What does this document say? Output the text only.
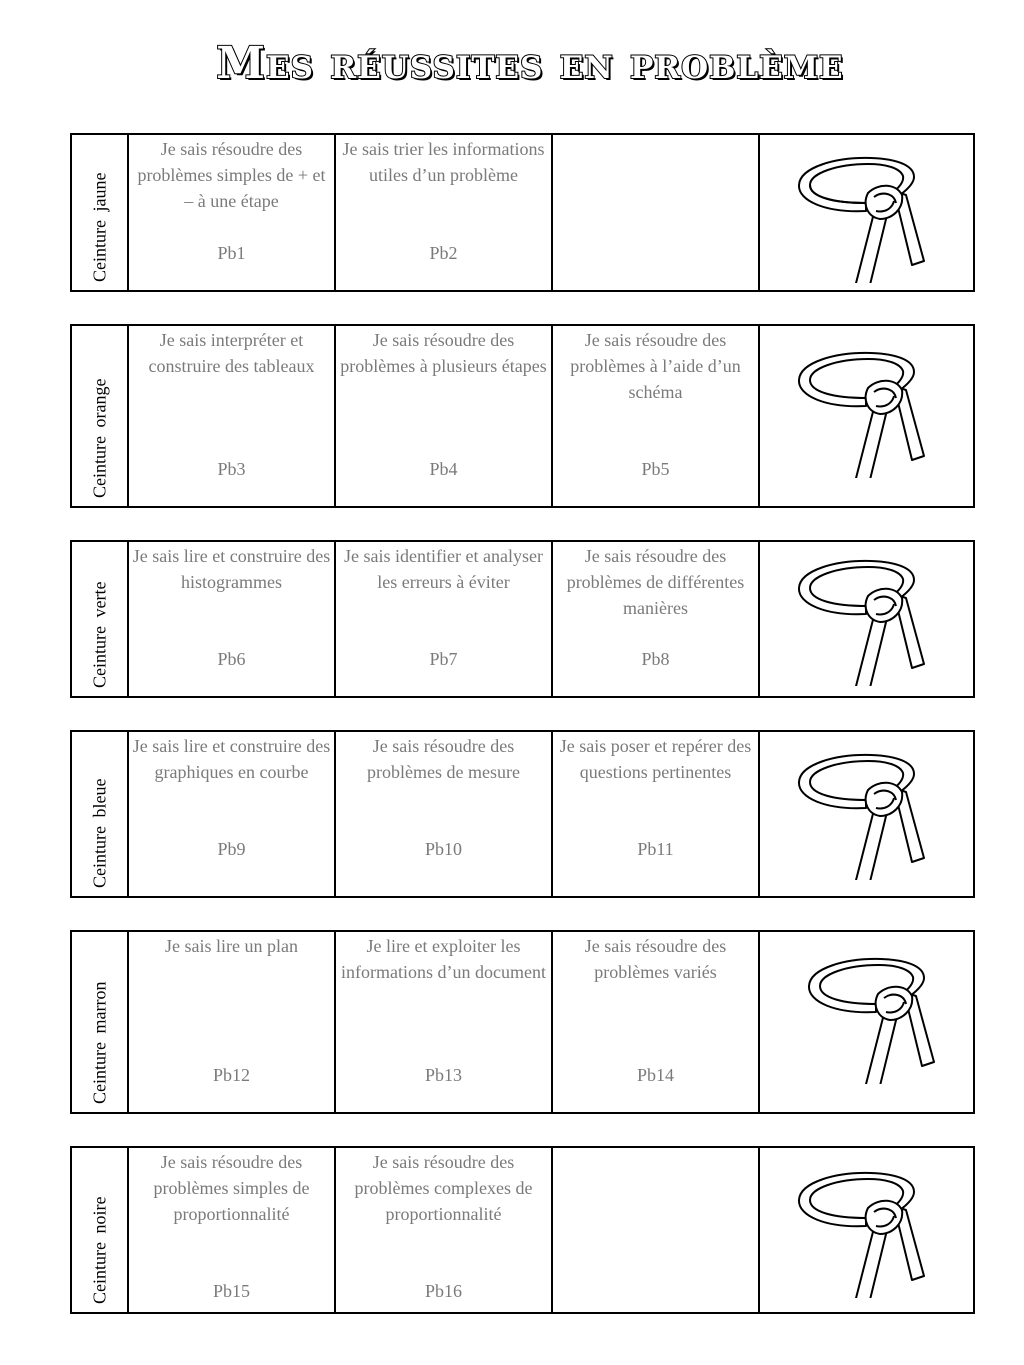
Mes réussites en problème
Ceinture jaune

Je sais résoudre des problèmes simples de + et – à une étape
Pb1

Je sais trier les informations utiles d’un problème
Pb2

Ceinture orange

Je sais interpréter et construire des tableaux
Pb3

Je sais résoudre des problèmes à plusieurs étapes
Pb4

Je sais résoudre des problèmes à l’aide d’un schéma
Pb5

Ceinture verte

Je sais lire et construire des histogrammes
Pb6

Je sais identifier et analyser les erreurs à éviter
Pb7

Je sais résoudre des problèmes de différentes manières
Pb8

Ceinture bleue

Je sais lire et construire des graphiques en courbe
Pb9

Je sais résoudre des problèmes de mesure
Pb10

Je sais poser et repérer des questions pertinentes
Pb11

Ceinture marron

Je sais lire un plan
Pb12

Je lire et exploiter les informations d’un document
Pb13

Je sais résoudre des problèmes variés
Pb14

Ceinture noire

Je sais résoudre des problèmes simples de proportionnalité
Pb15

Je sais résoudre des problèmes complexes de proportionnalité
Pb16
